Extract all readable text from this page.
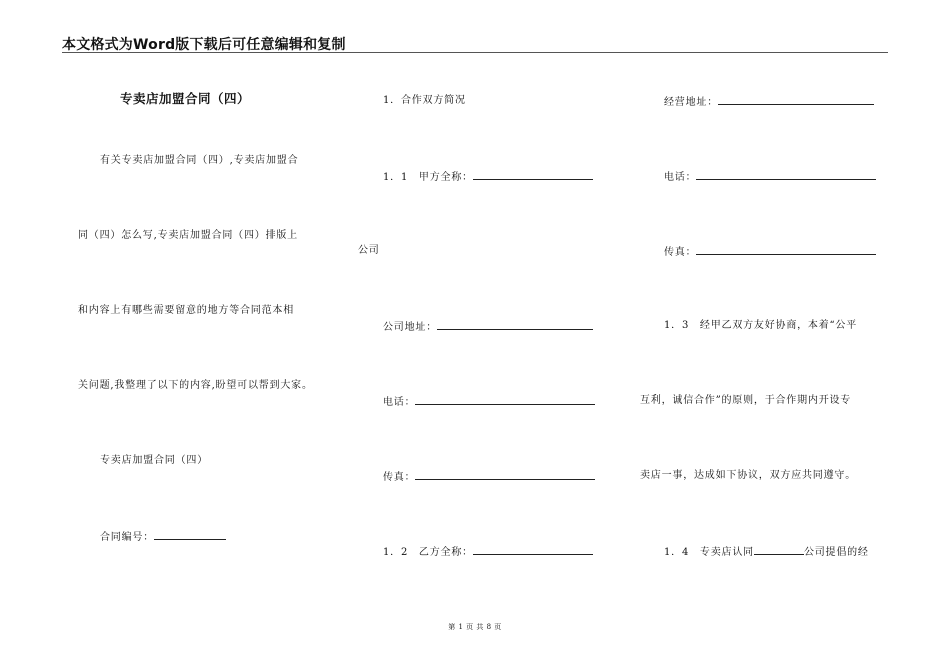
本文格式为Word版下载后可任意编辑和复制
专卖店加盟合同（四）
有关专卖店加盟合同（四）,专卖店加盟合
同（四）怎么写,专卖店加盟合同（四）排版上
和内容上有哪些需要留意的地方等合同范本相
关问题,我整理了以下的内容,盼望可以帮到大家。
专卖店加盟合同（四）
合同编号：
1．合作双方简况
1．1　甲方全称：
公司
公司地址：
电话：
传真：
1．2　乙方全称：
经营地址：
电话：
传真：
1．3　经甲乙双方友好协商，本着“公平
互利，诚信合作”的原则，于合作期内开设专
卖店一事，达成如下协议，双方应共同遵守。
1．4　专卖店认同	公司提倡的经
第 1 页 共 8 页
